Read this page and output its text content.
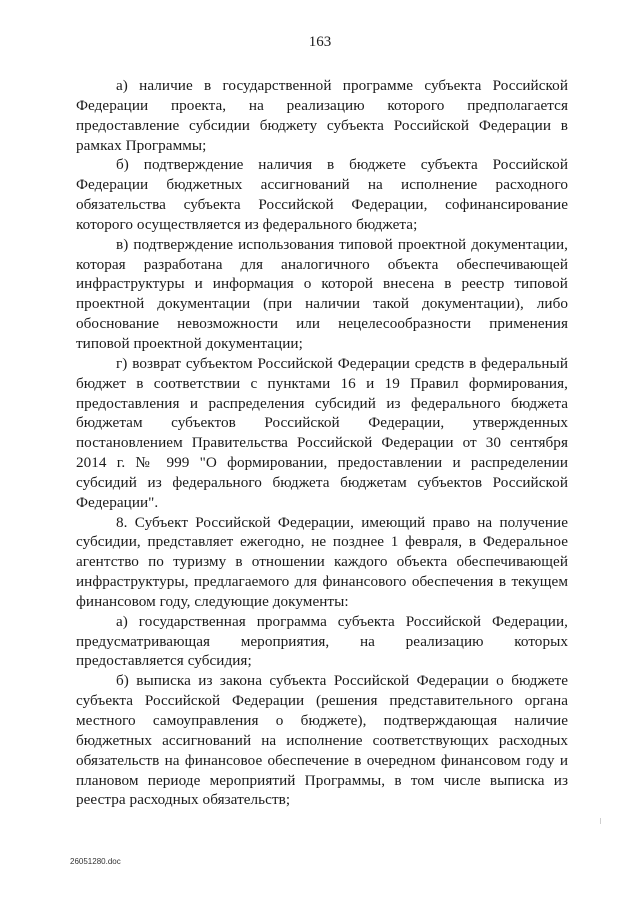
163

а) наличие в государственной программе субъекта Российской Федерации проекта, на реализацию которого предполагается предоставление субсидии бюджету субъекта Российской Федерации в рамках Программы;

б) подтверждение наличия в бюджете субъекта Российской Федерации бюджетных ассигнований на исполнение расходного обязательства субъекта Российской Федерации, софинансирование которого осуществляется из федерального бюджета;

в) подтверждение использования типовой проектной документации, которая разработана для аналогичного объекта обеспечивающей инфраструктуры и информация о которой внесена в реестр типовой проектной документации (при наличии такой документации), либо обоснование невозможности или нецелесообразности применения типовой проектной документации;

г) возврат субъектом Российской Федерации средств в федеральный бюджет в соответствии с пунктами 16 и 19 Правил формирования, предоставления и распределения субсидий из федерального бюджета бюджетам субъектов Российской Федерации, утвержденных постановлением Правительства Российской Федерации от 30 сентября 2014 г. № 999 "О формировании, предоставлении и распределении субсидий из федерального бюджета бюджетам субъектов Российской Федерации".

8. Субъект Российской Федерации, имеющий право на получение субсидии, представляет ежегодно, не позднее 1 февраля, в Федеральное агентство по туризму в отношении каждого объекта обеспечивающей инфраструктуры, предлагаемого для финансового обеспечения в текущем финансовом году, следующие документы:

а) государственная программа субъекта Российской Федерации, предусматривающая мероприятия, на реализацию которых предоставляется субсидия;

б) выписка из закона субъекта Российской Федерации о бюджете субъекта Российской Федерации (решения представительного органа местного самоуправления о бюджете), подтверждающая наличие бюджетных ассигнований на исполнение соответствующих расходных обязательств на финансовое обеспечение в очередном финансовом году и плановом периоде мероприятий Программы, в том числе выписка из реестра расходных обязательств;

26051280.doc
